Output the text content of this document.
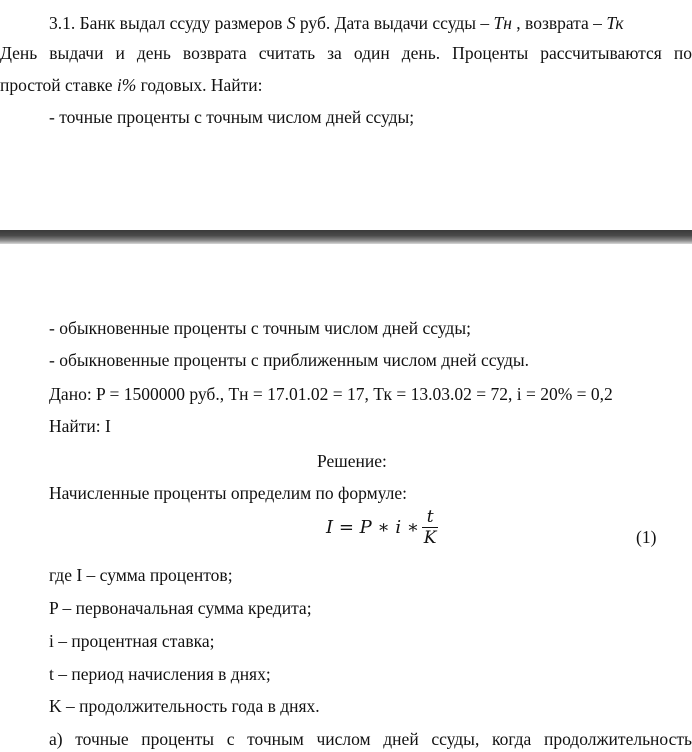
3.1. Банк выдал ссуду размеров S руб. Дата выдачи ссуды – Тн , возврата – Тк
День выдачи и день возврата считать за один день. Проценты рассчитываются по
простой ставке i% годовых. Найти:
- точные проценты с точным числом дней ссуды;
- обыкновенные проценты с точным числом дней ссуды;
- обыкновенные проценты с приближенным числом дней ссуды.
Дано: P = 1500000 руб., Тн = 17.01.02 = 17, Тк = 13.03.02 = 72, i = 20% = 0,2
Найти: I
Решение:
Начисленные проценты определим по формуле:
I = P ∗ i ∗ $\frac{t}{K}$	(1)
где I – сумма процентов;
P – первоначальная сумма кредита;
i – процентная ставка;
t – период начисления в днях;
K – продолжительность года в днях.
а) точные проценты с точным числом дней ссуды, когда продолжительность
